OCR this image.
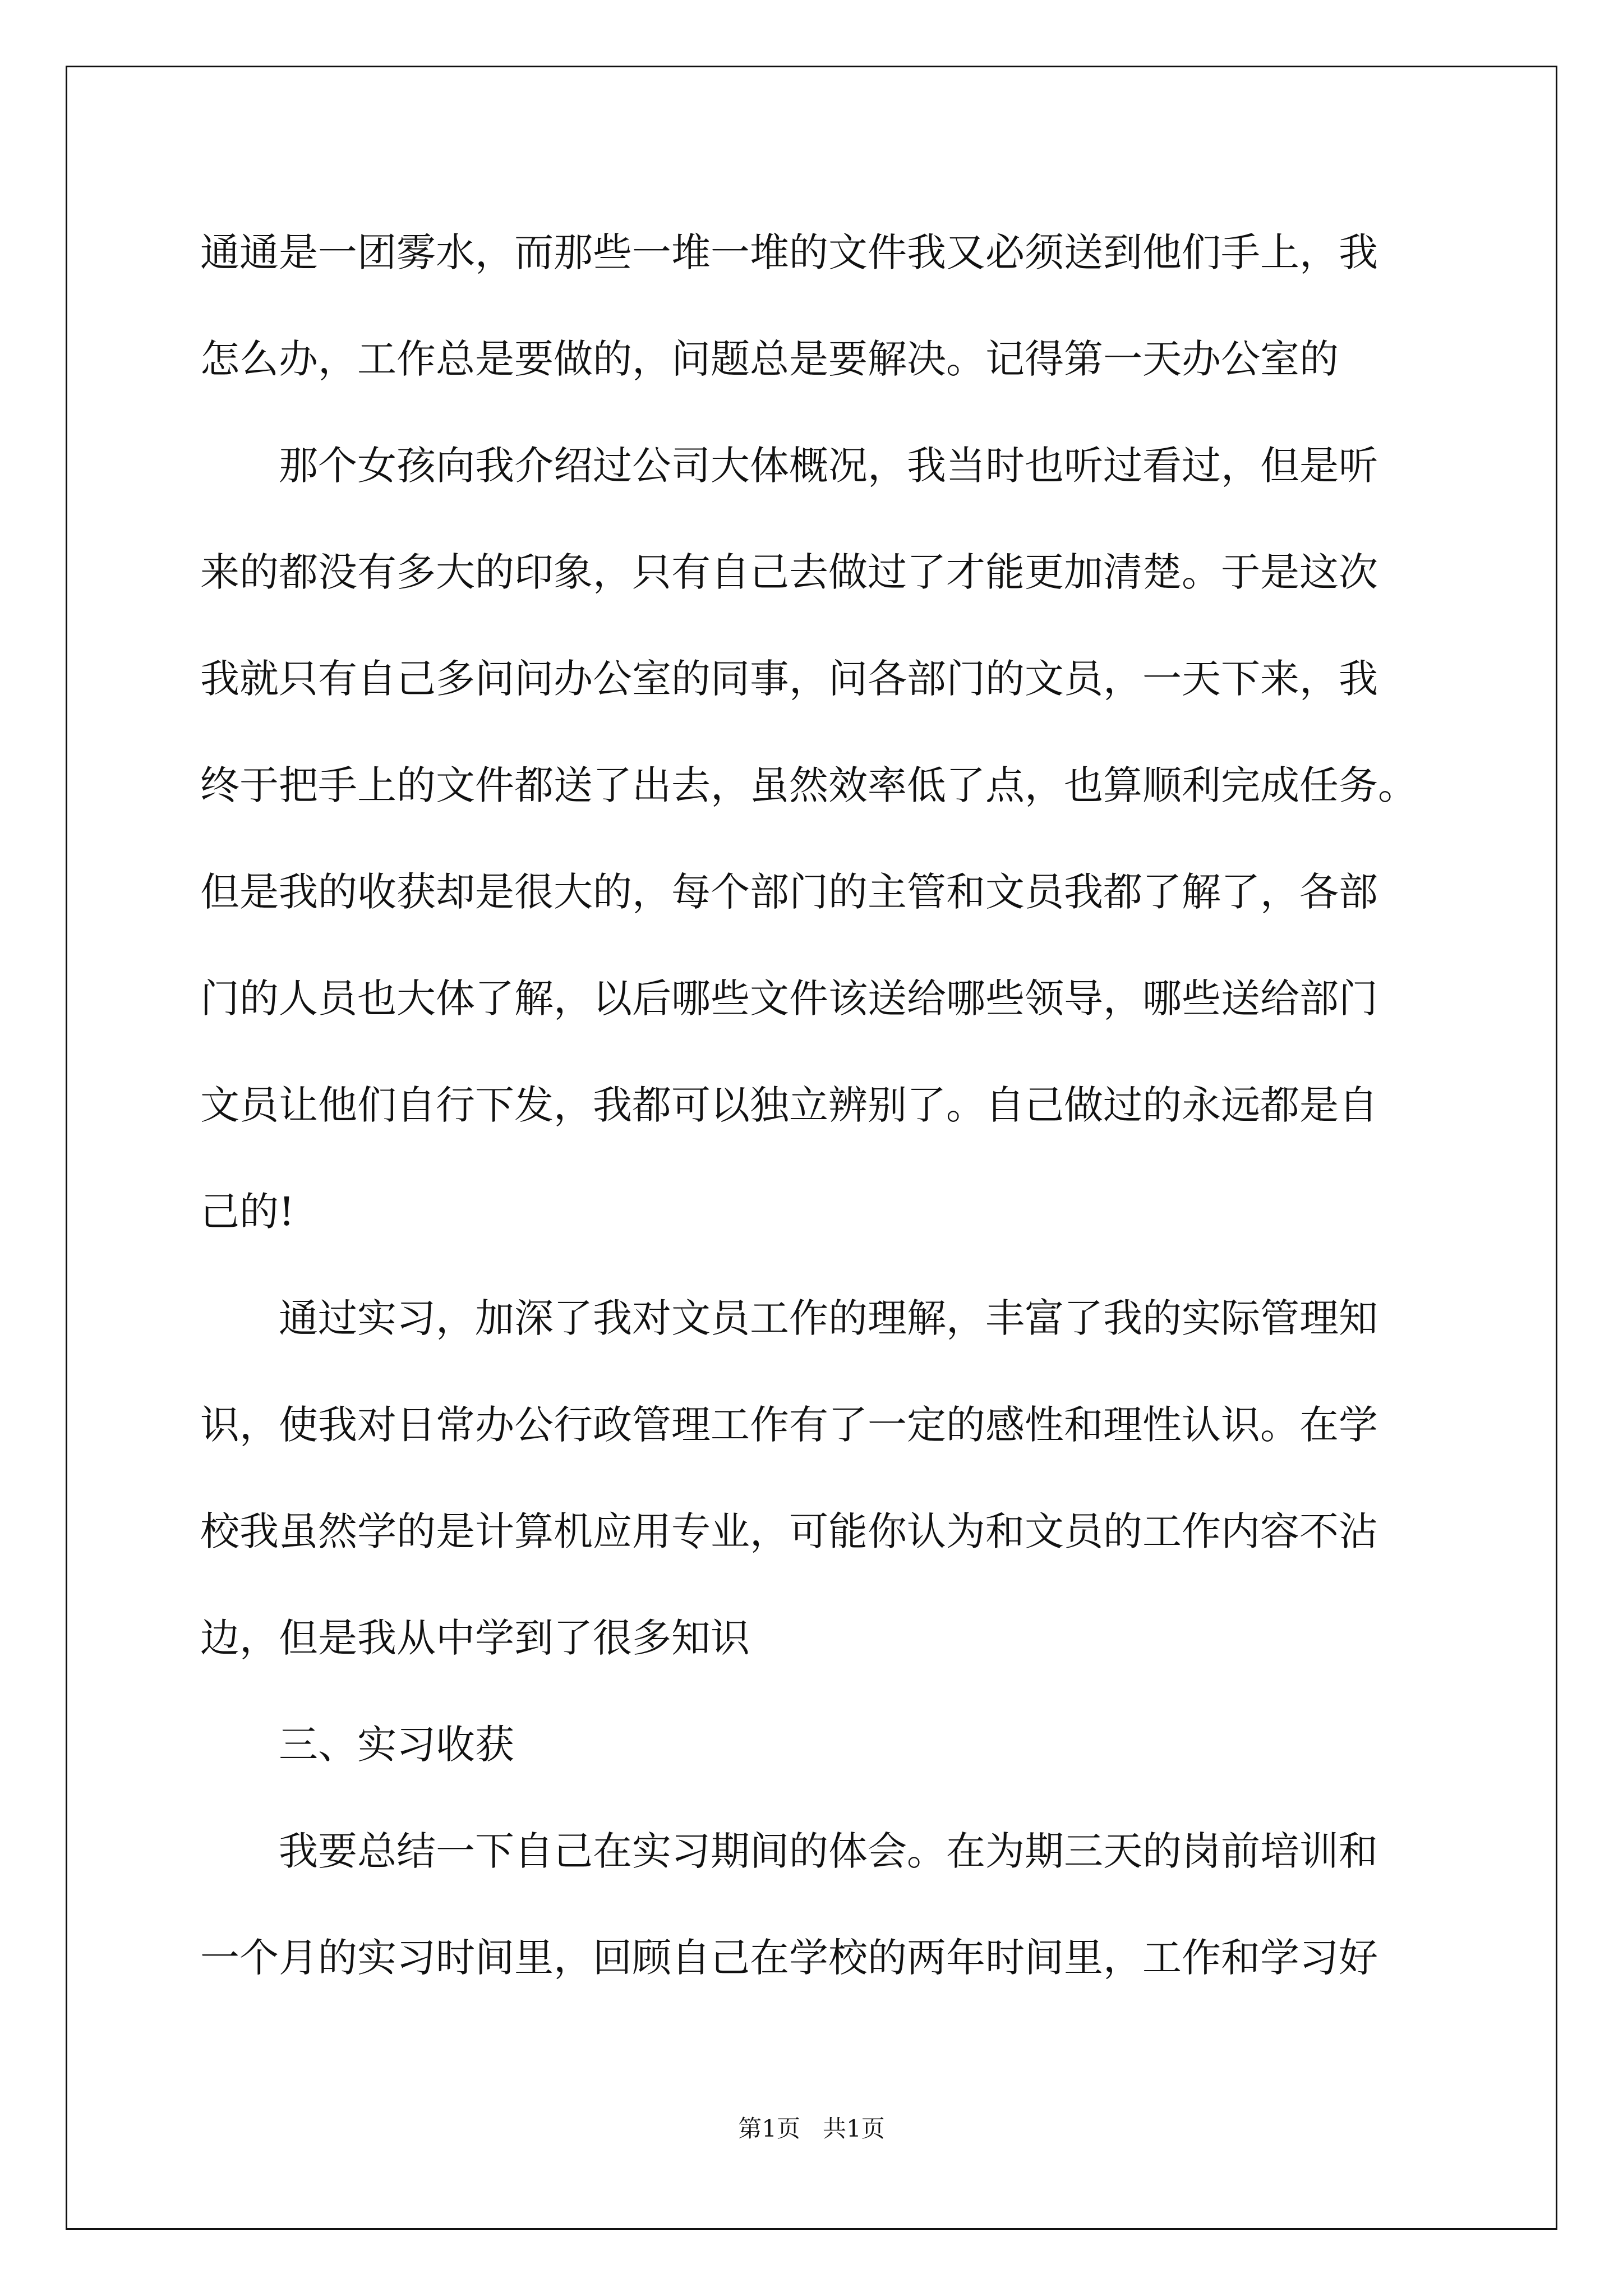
通通是一团雾水，而那些一堆一堆的文件我又必须送到他们手上，我
怎么办，工作总是要做的，问题总是要解决。记得第一天办公室的
　　那个女孩向我介绍过公司大体概况，我当时也听过看过，但是听
来的都没有多大的印象，只有自己去做过了才能更加清楚。于是这次
我就只有自己多问问办公室的同事，问各部门的文员，一天下来，我
终于把手上的文件都送了出去，虽然效率低了点，也算顺利完成任务。
但是我的收获却是很大的，每个部门的主管和文员我都了解了，各部
门的人员也大体了解，以后哪些文件该送给哪些领导，哪些送给部门
文员让他们自行下发，我都可以独立辨别了。自己做过的永远都是自
己的!
　　通过实习，加深了我对文员工作的理解，丰富了我的实际管理知
识，使我对日常办公行政管理工作有了一定的感性和理性认识。在学
校我虽然学的是计算机应用专业，可能你认为和文员的工作内容不沾
边，但是我从中学到了很多知识
　　三、实习收获
　　我要总结一下自己在实习期间的体会。在为期三天的岗前培训和
一个月的实习时间里，回顾自己在学校的两年时间里，工作和学习好
第1页   共1页
